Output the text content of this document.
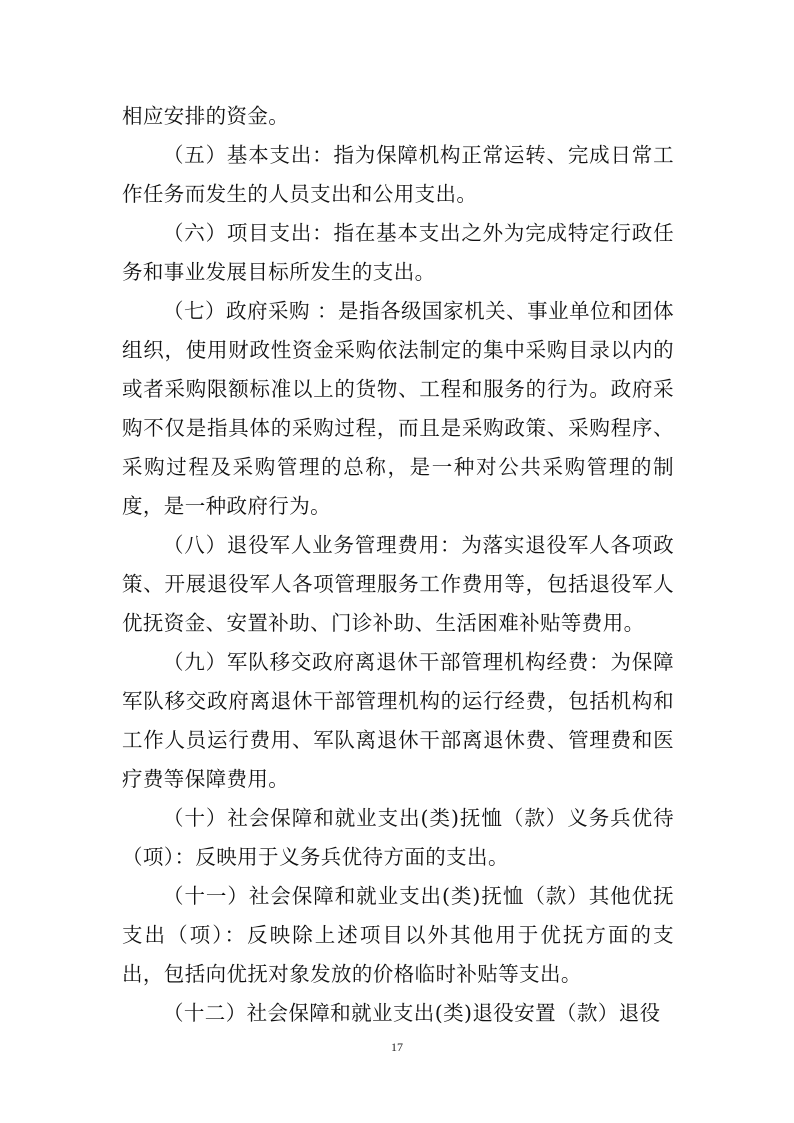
相应安排的资金。

（五）基本支出：指为保障机构正常运转、完成日常工作任务而发生的人员支出和公用支出。

（六）项目支出：指在基本支出之外为完成特定行政任务和事业发展目标所发生的支出。

（七）政府采购 ：是指各级国家机关、事业单位和团体组织，使用财政性资金采购依法制定的集中采购目录以内的或者采购限额标准以上的货物、工程和服务的行为。政府采购不仅是指具体的采购过程，而且是采购政策、采购程序、采购过程及采购管理的总称，是一种对公共采购管理的制度，是一种政府行为。

（八）退役军人业务管理费用：为落实退役军人各项政策、开展退役军人各项管理服务工作费用等，包括退役军人优抚资金、安置补助、门诊补助、生活困难补贴等费用。

（九）军队移交政府离退休干部管理机构经费：为保障军队移交政府离退休干部管理机构的运行经费，包括机构和工作人员运行费用、军队离退休干部离退休费、管理费和医疗费等保障费用。

（十）社会保障和就业支出(类)抚恤（款）义务兵优待（项）：反映用于义务兵优待方面的支出。

（十一）社会保障和就业支出(类)抚恤（款）其他优抚支出（项）：反映除上述项目以外其他用于优抚方面的支出，包括向优抚对象发放的价格临时补贴等支出。

（十二）社会保障和就业支出(类)退役安置（款）退役

17
